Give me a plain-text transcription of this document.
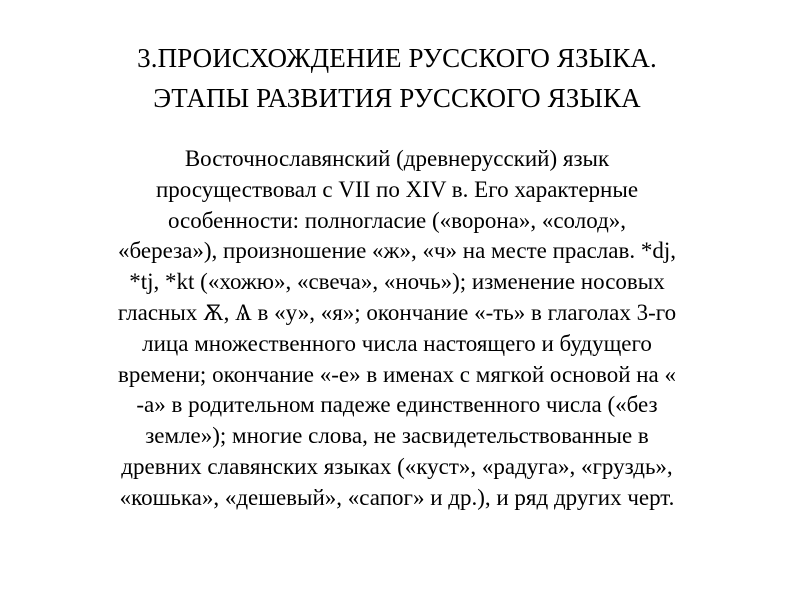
3.ПРОИСХОЖДЕНИЕ РУССКОГО ЯЗЫКА.
ЭТАПЫ РАЗВИТИЯ РУССКОГО ЯЗЫКА
Восточнославянский (древнерусский) язык
просуществовал с VII по XIV в. Его характерные
особенности: полногласие («ворона», «солод»,
«береза»), произношение «ж», «ч» на месте праслав. *dj,
*tj, *kt («хожю», «свеча», «ночь»); изменение носовых
гласных Ѫ, Ѧ в «у», «я»; окончание «-ть» в глаголах 3-го
лица множественного числа настоящего и будущего
времени; окончание «-е» в именах с мягкой основой на «
-а» в родительном падеже единственного числа («без
земле»); многие слова, не засвидетельствованные в
древних славянских языках («куст», «радуга», «груздь»,
«кошька», «дешевый», «сапог» и др.), и ряд других черт.
